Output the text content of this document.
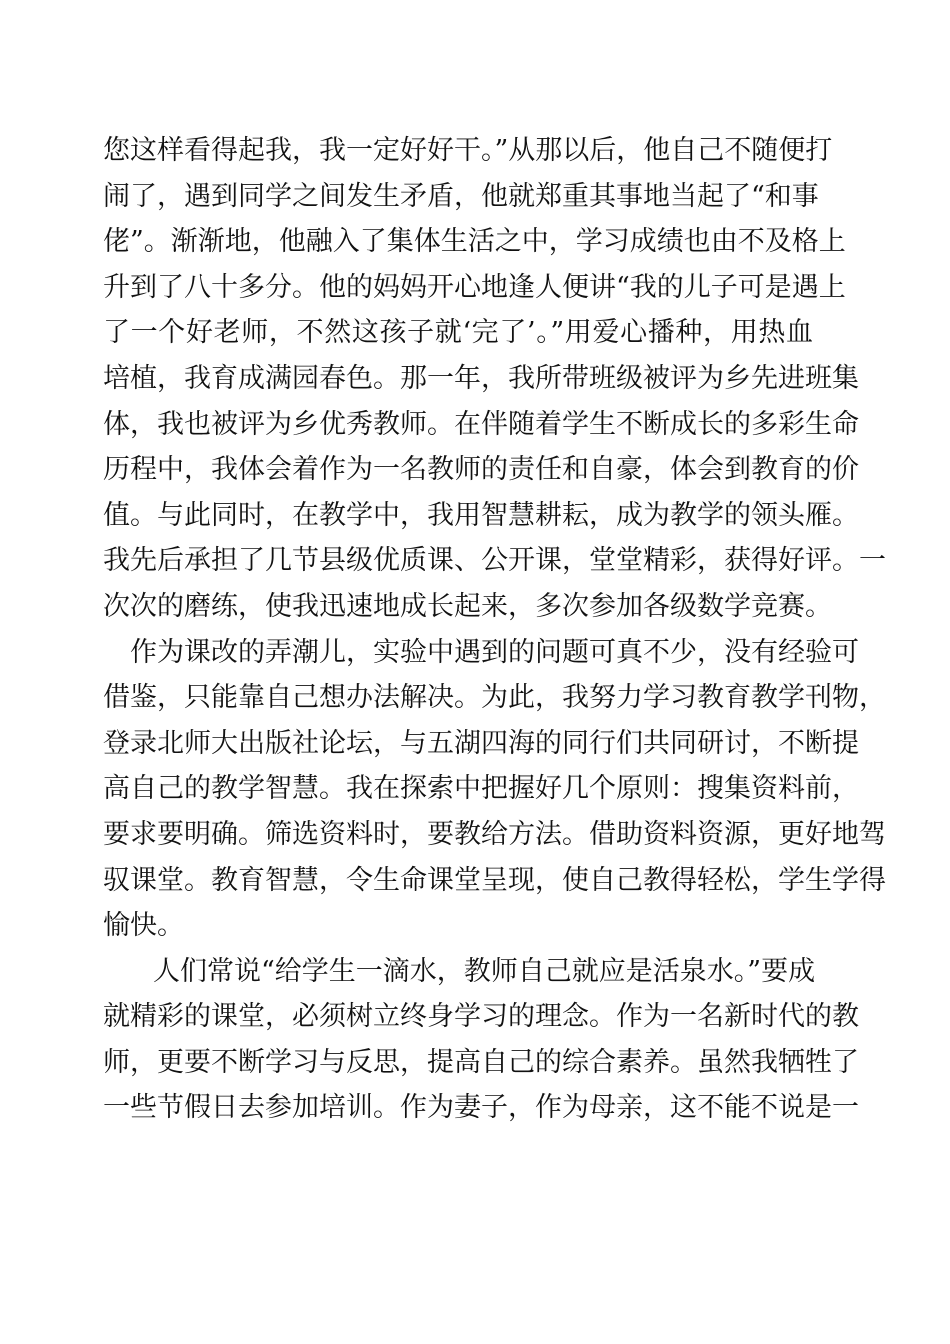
您这样看得起我，我一定好好干。”从那以后，他自己不随便打
闹了，遇到同学之间发生矛盾，他就郑重其事地当起了“和事
佬”。渐渐地，他融入了集体生活之中，学习成绩也由不及格上
升到了八十多分。他的妈妈开心地逢人便讲“我的儿子可是遇上
了一个好老师，不然这孩子就‘完了’。”用爱心播种，用热血
培植，我育成满园春色。那一年，我所带班级被评为乡先进班集
体，我也被评为乡优秀教师。在伴随着学生不断成长的多彩生命
历程中，我体会着作为一名教师的责任和自豪，体会到教育的价
值。与此同时，在教学中，我用智慧耕耘，成为教学的领头雁。
我先后承担了几节县级优质课、公开课，堂堂精彩，获得好评。一
次次的磨练，使我迅速地成长起来，多次参加各级数学竞赛。
作为课改的弄潮儿，实验中遇到的问题可真不少，没有经验可
借鉴，只能靠自己想办法解决。为此，我努力学习教育教学刊物，
登录北师大出版社论坛，与五湖四海的同行们共同研讨，不断提
高自己的教学智慧。我在探索中把握好几个原则：搜集资料前，
要求要明确。筛选资料时，要教给方法。借助资料资源，更好地驾
驭课堂。教育智慧，令生命课堂呈现，使自己教得轻松，学生学得
愉快。
人们常说“给学生一滴水，教师自己就应是活泉水。”要成
就精彩的课堂，必须树立终身学习的理念。作为一名新时代的教
师，更要不断学习与反思，提高自己的综合素养。虽然我牺牲了
一些节假日去参加培训。作为妻子，作为母亲，这不能不说是一
